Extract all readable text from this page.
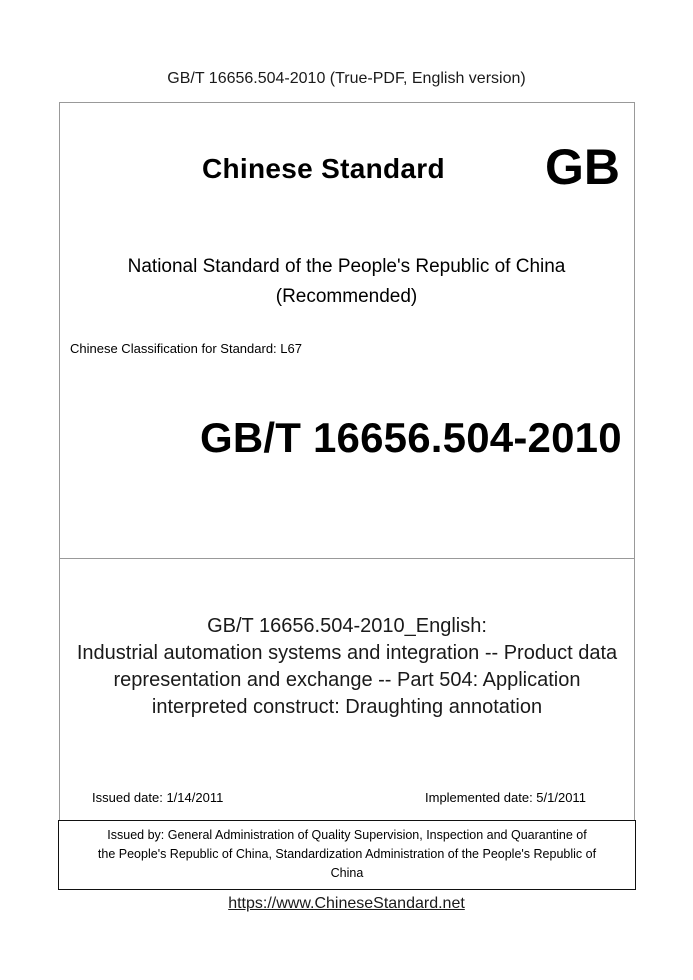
GB/T 16656.504-2010 (True-PDF, English version)
Chinese Standard GB
National Standard of the People's Republic of China
(Recommended)
Chinese Classification for Standard: L67
GB/T 16656.504-2010
GB/T 16656.504-2010_English:
Industrial automation systems and integration -- Product data
representation and exchange -- Part 504: Application
interpreted construct: Draughting annotation
Issued date: 1/14/2011	Implemented date: 5/1/2011
Issued by: General Administration of Quality Supervision, Inspection and Quarantine of
the People's Republic of China, Standardization Administration of the People's Republic of
China
https://www.ChineseStandard.net
